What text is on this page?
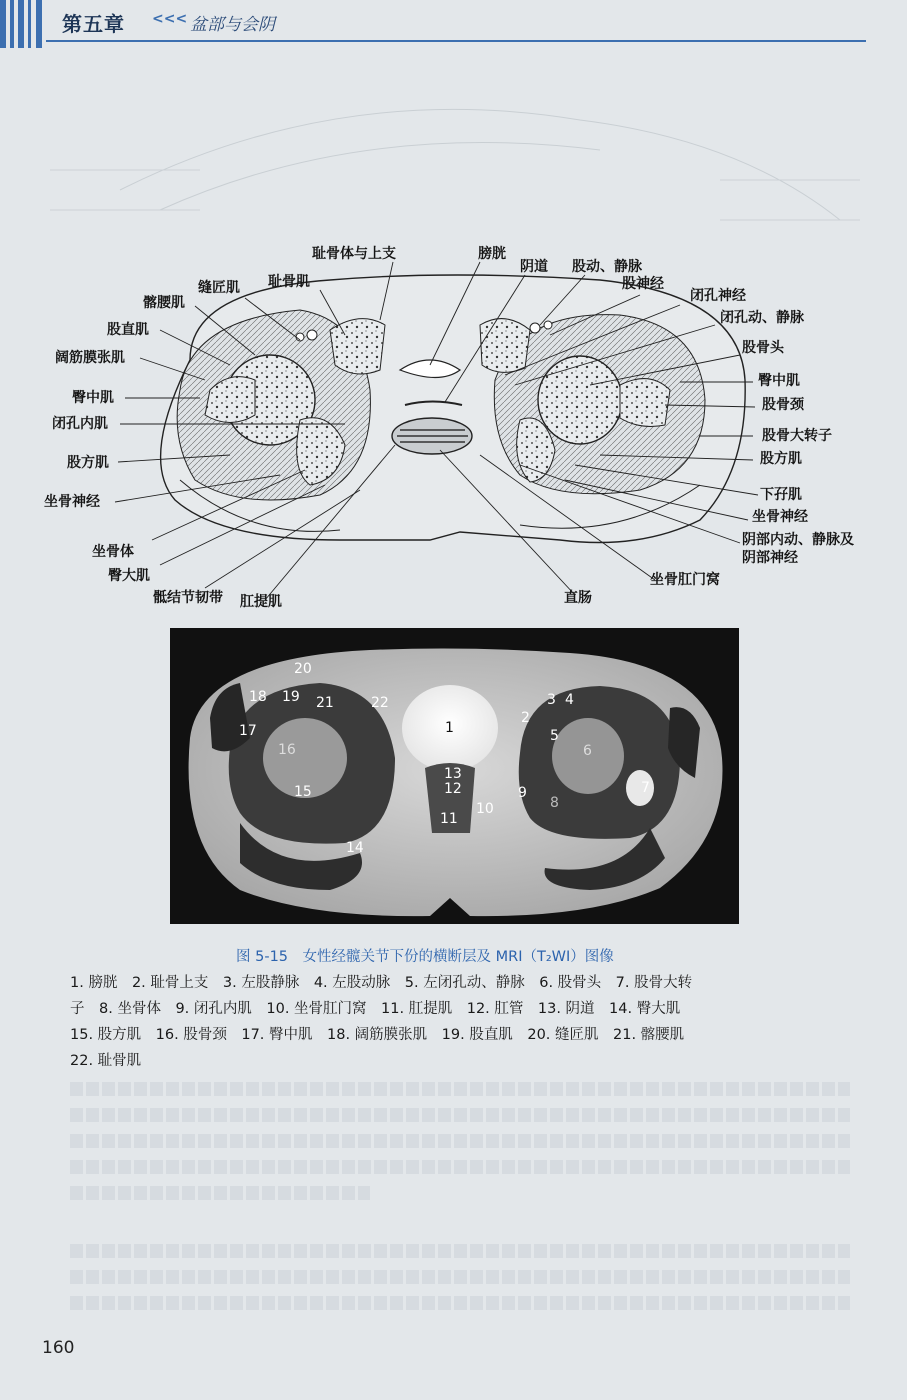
第五章 <<< 盆部与会阴
耻骨体与上支	膀胱
阴道 股动、静脉
股神经
耻骨肌
缝匠肌
髂腰肌
股直肌
阔筋膜张肌
臀中肌
闭孔内肌
股方肌
坐骨神经
坐骨体
臀大肌
骶结节韧带 肛提肌	直肠
坐骨肛门窝
闭孔神经
闭孔动、静脉
股骨头
臀中肌
股骨颈
股骨大转子
股方肌
下孖肌
坐骨神经
阴部内动、静脉及
阴部神经
20
18 19 21	22
17
16
15
14
1
2
3 4
5
6
7
8
9
10
11
12
13
图 5-15　女性经髋关节下份的横断层及 MRI（T₂WI）图像
1. 膀胱　2. 耻骨上支　3. 左股静脉　4. 左股动脉　5. 左闭孔动、静脉　6. 股骨头　7. 股骨大转
子　8. 坐骨体　9. 闭孔内肌　10. 坐骨肛门窝　11. 肛提肌　12. 肛管　13. 阴道　14. 臀大肌
15. 股方肌　16. 股骨颈　17. 臀中肌　18. 阔筋膜张肌　19. 股直肌　20. 缝匠肌　21. 髂腰肌
22. 耻骨肌
160
